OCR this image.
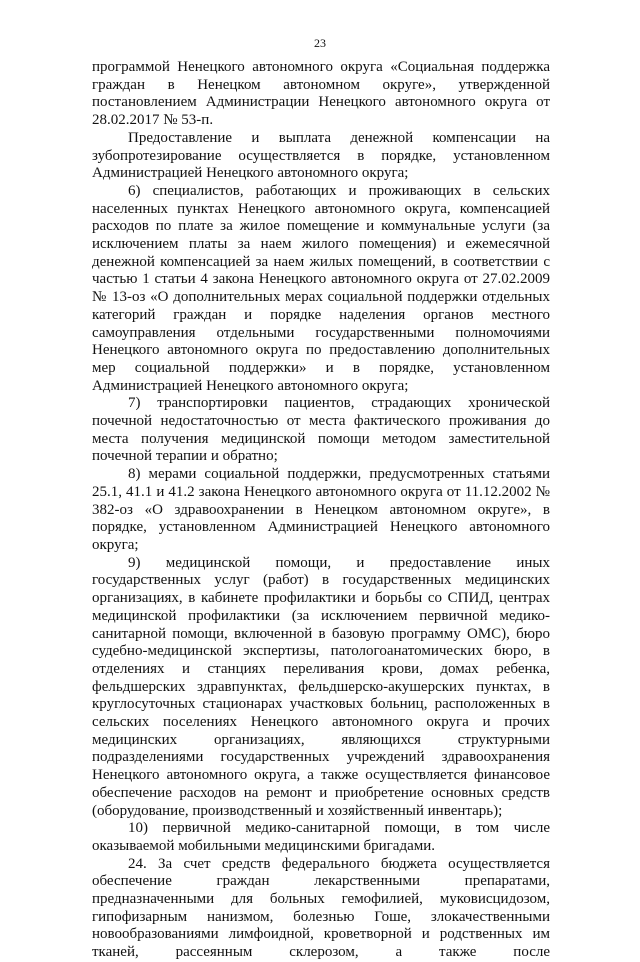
23

программой Ненецкого автономного округа «Социальная поддержка граждан в Ненецком автономном округе», утвержденной постановлением Администрации Ненецкого автономного округа от 28.02.2017 № 53-п.

Предоставление и выплата денежной компенсации на зубопротезирование осуществляется в порядке, установленном Администрацией Ненецкого автономного округа;

6) специалистов, работающих и проживающих в сельских населенных пунктах Ненецкого автономного округа, компенсацией расходов по плате за жилое помещение и коммунальные услуги (за исключением платы за наем жилого помещения) и ежемесячной денежной компенсацией за наем жилых помещений, в соответствии с частью 1 статьи 4 закона Ненецкого автономного округа от 27.02.2009 № 13-оз «О дополнительных мерах социальной поддержки отдельных категорий граждан и порядке наделения органов местного самоуправления отдельными государственными полномочиями Ненецкого автономного округа по предоставлению дополнительных мер социальной поддержки» и в порядке, установленном Администрацией Ненецкого автономного округа;

7) транспортировки пациентов, страдающих хронической почечной недостаточностью от места фактического проживания до места получения медицинской помощи методом заместительной почечной терапии и обратно;

8) мерами социальной поддержки, предусмотренных статьями 25.1, 41.1 и 41.2 закона Ненецкого автономного округа от 11.12.2002 № 382-оз «О здравоохранении в Ненецком автономном округе», в порядке, установленном Администрацией Ненецкого автономного округа;

9) медицинской помощи, и предоставление иных государственных услуг (работ) в государственных медицинских организациях, в кабинете профилактики и борьбы со СПИД, центрах медицинской профилактики (за исключением первичной медико-санитарной помощи, включенной в базовую программу ОМС), бюро судебно-медицинской экспертизы, патологоанатомических бюро, в отделениях и станциях переливания крови, домах ребенка, фельдшерских здравпунктах, фельдшерско-акушерских пунктах, в круглосуточных стационарах участковых больниц, расположенных в сельских поселениях Ненецкого автономного округа и прочих медицинских организациях, являющихся структурными подразделениями государственных учреждений здравоохранения Ненецкого автономного округа, а также осуществляется финансовое обеспечение расходов на ремонт и приобретение основных средств (оборудование, производственный и хозяйственный инвентарь);

10) первичной медико-санитарной помощи, в том числе оказываемой мобильными медицинскими бригадами.

24. За счет средств федерального бюджета осуществляется обеспечение граждан лекарственными препаратами, предназначенными для больных гемофилией, муковисцидозом, гипофизарным нанизмом, болезнью Гоше, злокачественными новообразованиями лимфоидной, кроветворной и родственных им тканей, рассеянным склерозом, а также после
